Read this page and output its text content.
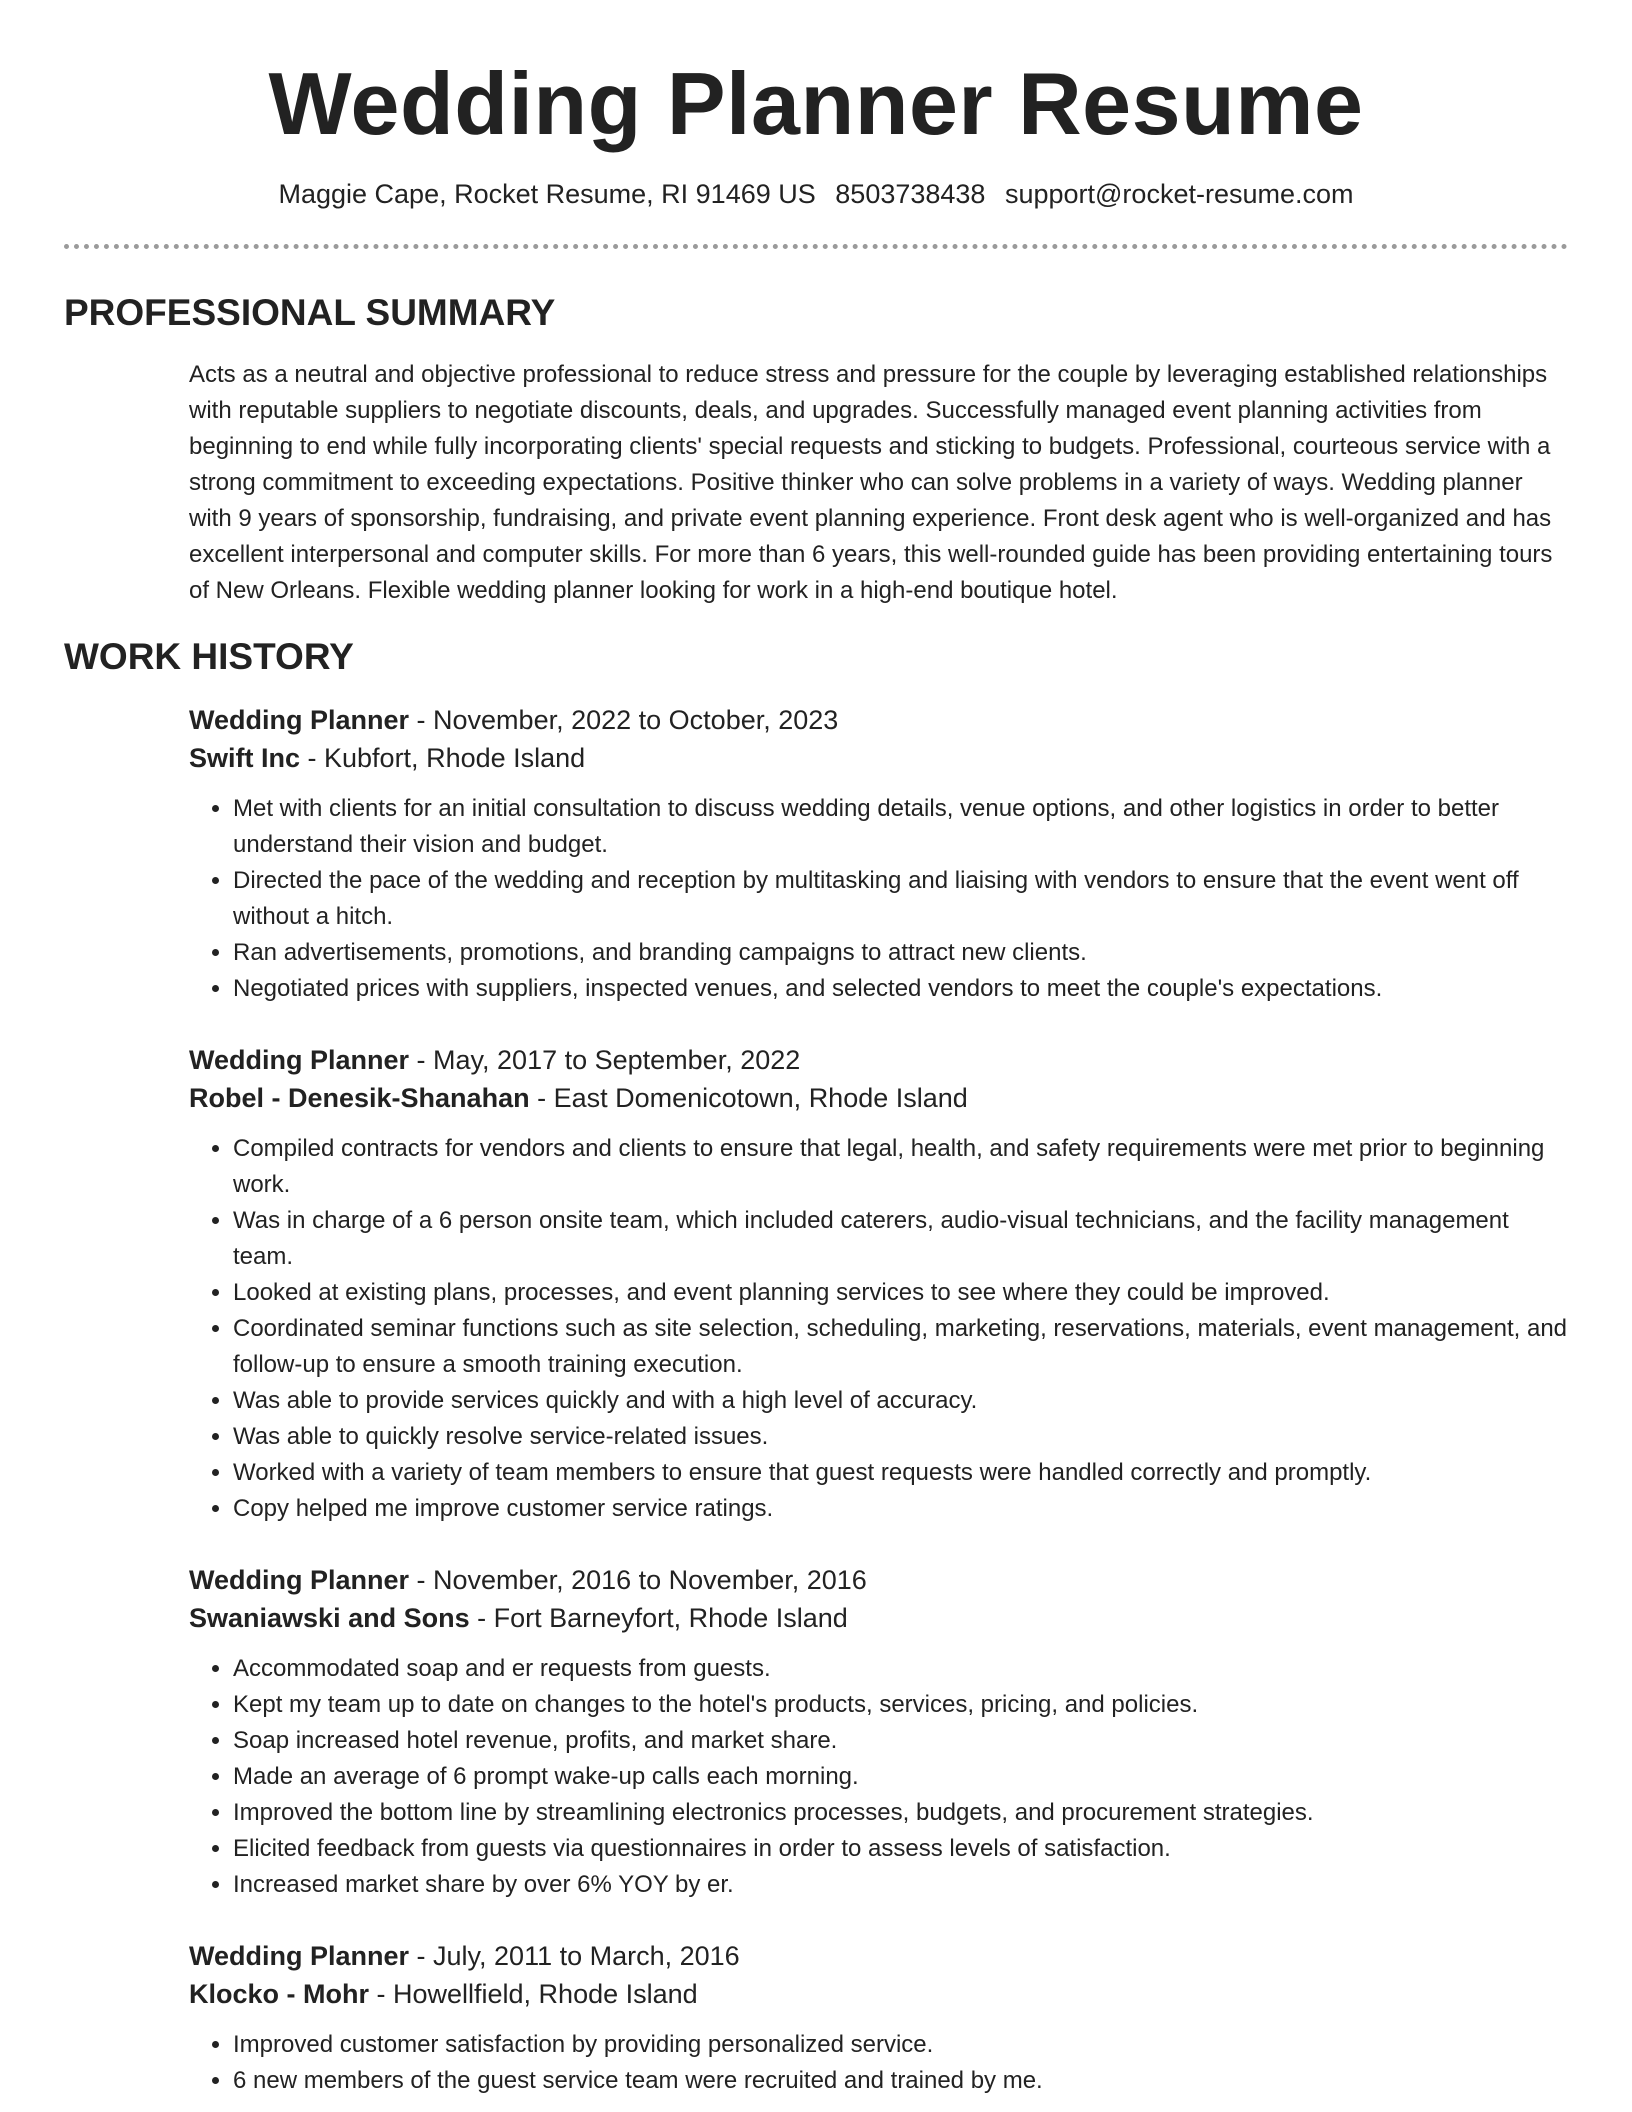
Wedding Planner Resume
Maggie Cape, Rocket Resume, RI 91469 US 8503738438 support@rocket-resume.com
PROFESSIONAL SUMMARY

Acts as a neutral and objective professional to reduce stress and pressure for the couple by leveraging established relationships with reputable suppliers to negotiate discounts, deals, and upgrades. Successfully managed event planning activities from beginning to end while fully incorporating clients' special requests and sticking to budgets. Professional, courteous service with a strong commitment to exceeding expectations. Positive thinker who can solve problems in a variety of ways. Wedding planner with 9 years of sponsorship, fundraising, and private event planning experience. Front desk agent who is well-organized and has excellent interpersonal and computer skills. For more than 6 years, this well-rounded guide has been providing entertaining tours of New Orleans. Flexible wedding planner looking for work in a high-end boutique hotel.

WORK HISTORY
Wedding Planner - November, 2022 to October, 2023
Swift Inc - Kubfort, Rhode Island
• Met with clients for an initial consultation to discuss wedding details, venue options, and other logistics in order to better understand their vision and budget.
• Directed the pace of the wedding and reception by multitasking and liaising with vendors to ensure that the event went off without a hitch.
• Ran advertisements, promotions, and branding campaigns to attract new clients.
• Negotiated prices with suppliers, inspected venues, and selected vendors to meet the couple's expectations.
Wedding Planner - May, 2017 to September, 2022
Robel - Denesik-Shanahan - East Domenicotown, Rhode Island
• Compiled contracts for vendors and clients to ensure that legal, health, and safety requirements were met prior to beginning work.
• Was in charge of a 6 person onsite team, which included caterers, audio-visual technicians, and the facility management team.
• Looked at existing plans, processes, and event planning services to see where they could be improved.
• Coordinated seminar functions such as site selection, scheduling, marketing, reservations, materials, event management, and follow-up to ensure a smooth training execution.
• Was able to provide services quickly and with a high level of accuracy.
• Was able to quickly resolve service-related issues.
• Worked with a variety of team members to ensure that guest requests were handled correctly and promptly.
• Copy helped me improve customer service ratings.
Wedding Planner - November, 2016 to November, 2016
Swaniawski and Sons - Fort Barneyfort, Rhode Island
• Accommodated soap and er requests from guests.
• Kept my team up to date on changes to the hotel's products, services, pricing, and policies.
• Soap increased hotel revenue, profits, and market share.
• Made an average of 6 prompt wake-up calls each morning.
• Improved the bottom line by streamlining electronics processes, budgets, and procurement strategies.
• Elicited feedback from guests via questionnaires in order to assess levels of satisfaction.
• Increased market share by over 6% YOY by er.
Wedding Planner - July, 2011 to March, 2016
Klocko - Mohr - Howellfield, Rhode Island
• Improved customer satisfaction by providing personalized service.
• 6 new members of the guest service team were recruited and trained by me.
